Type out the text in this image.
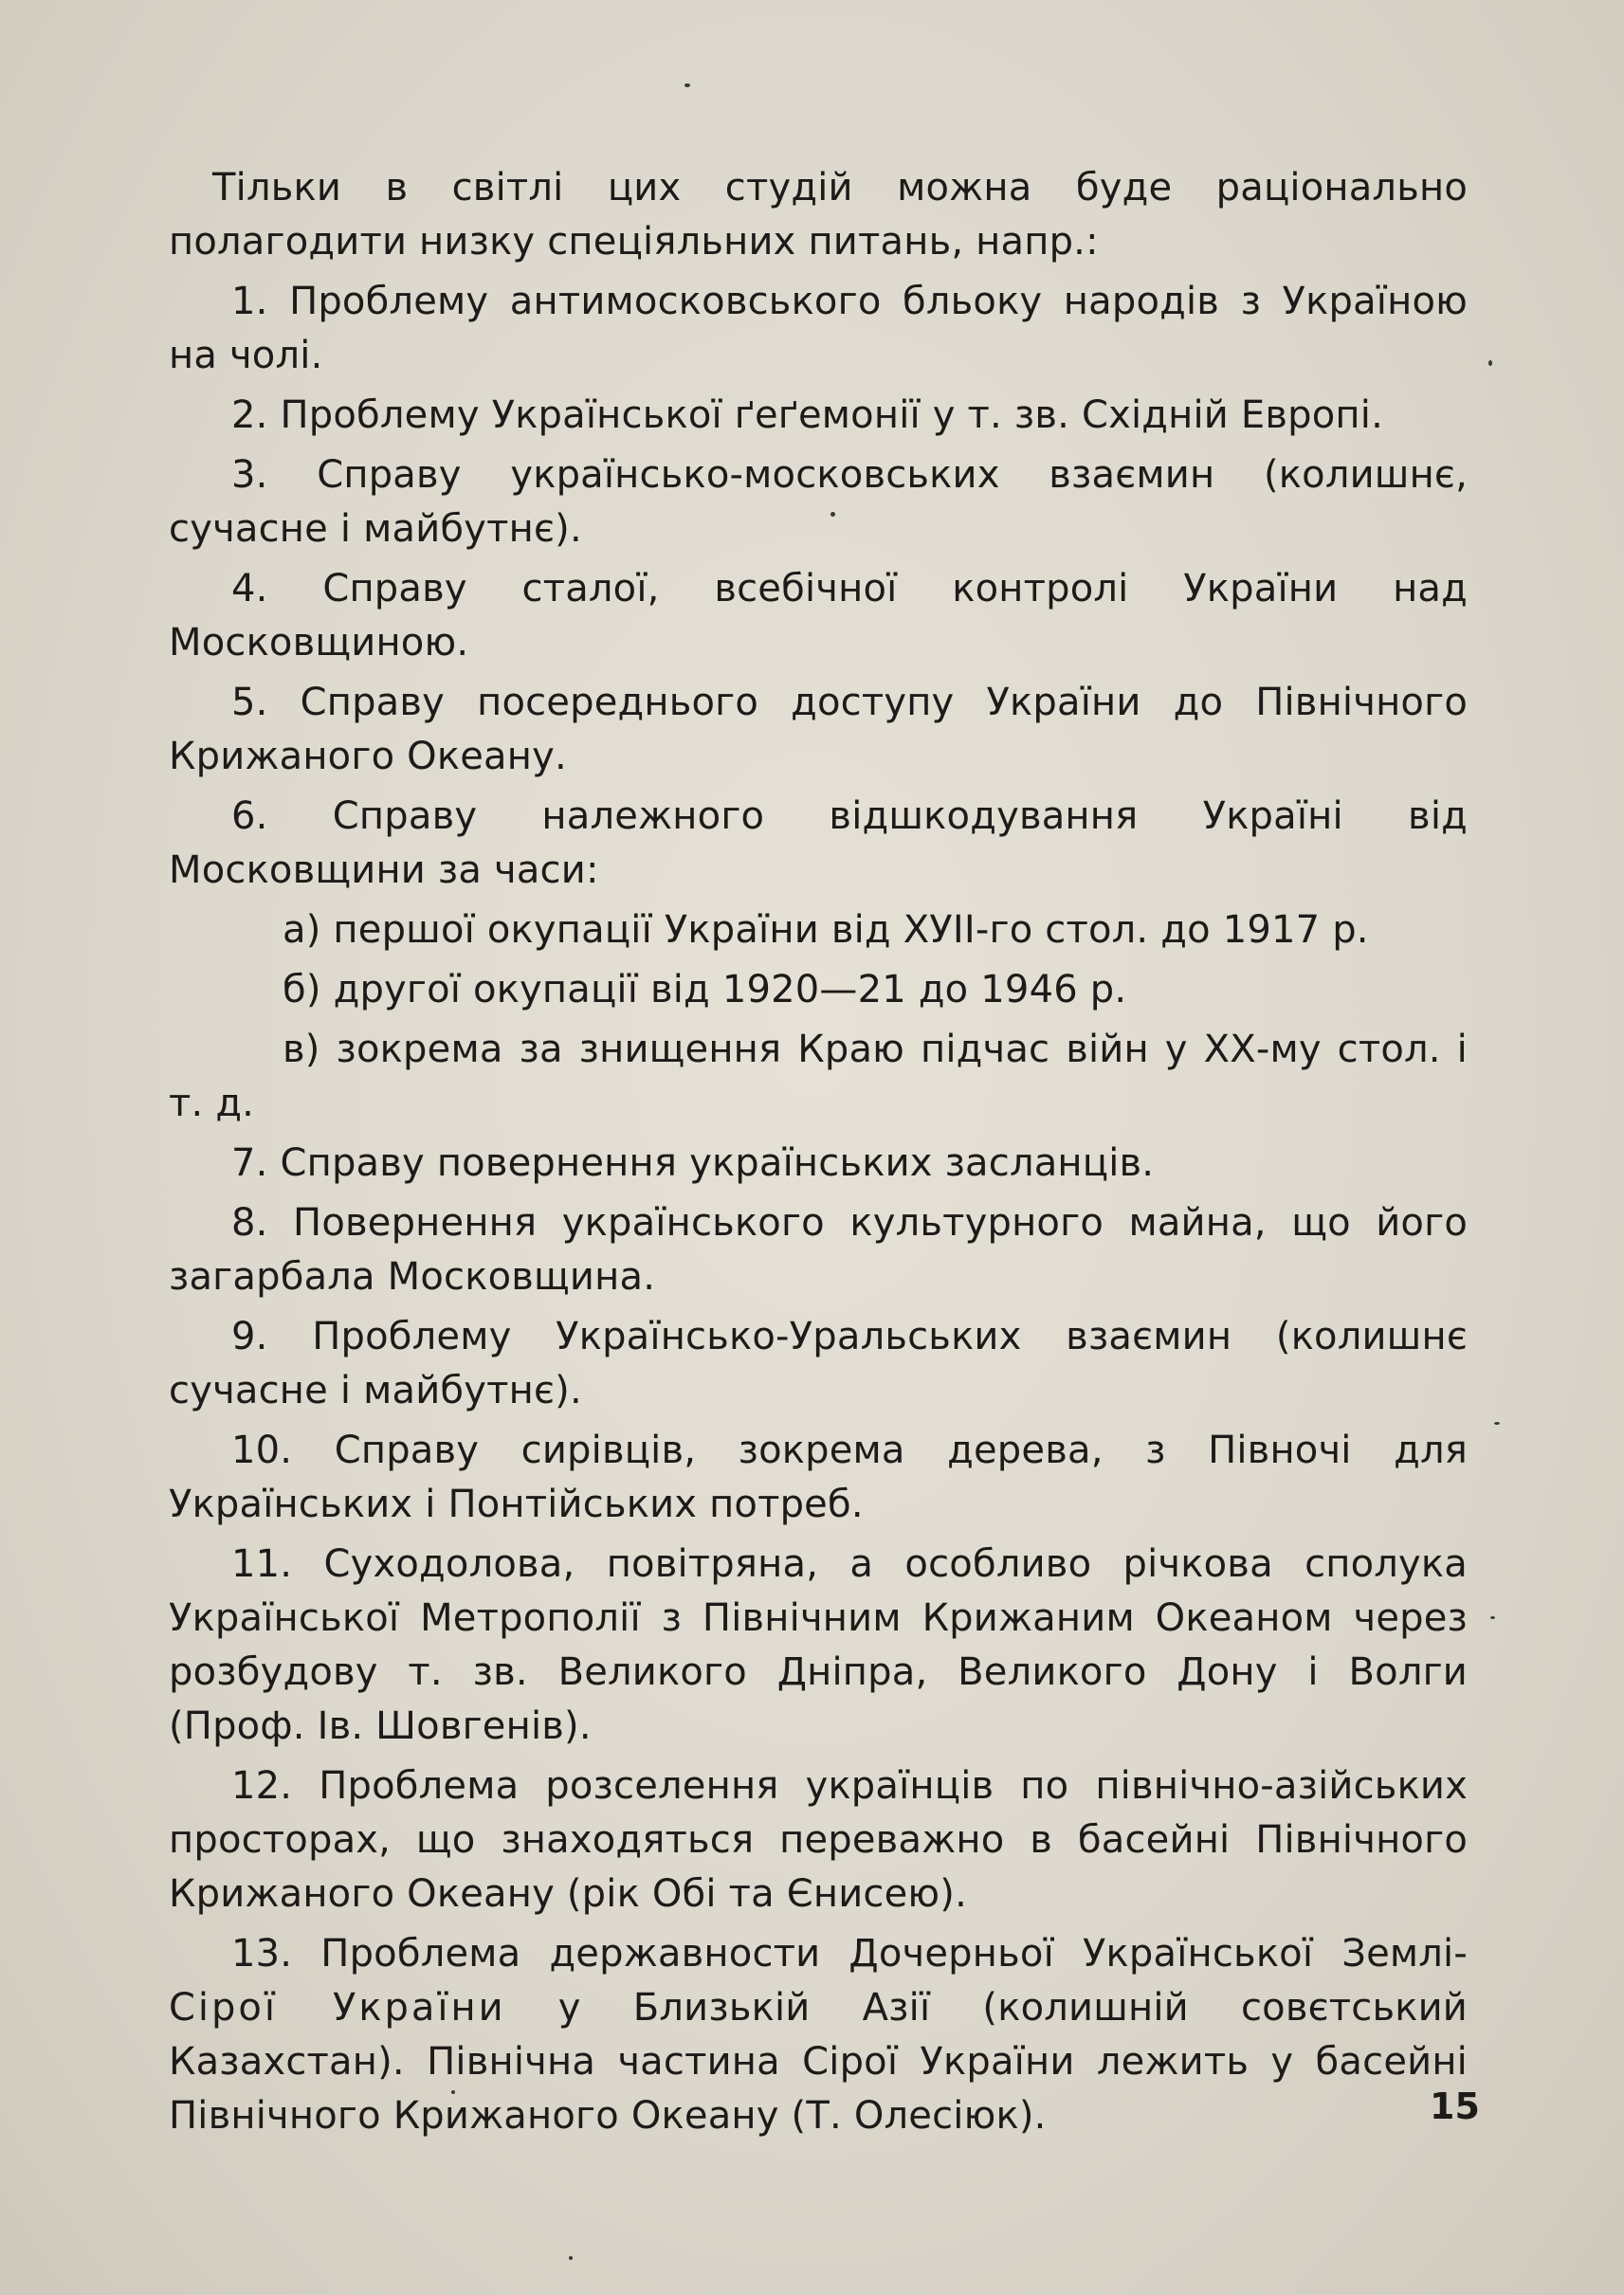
Тільки в світлі цих студій можна буде раціонально полагодити низку спеціяльних питань, напр.:

1. Проблему антимосковського бльоку народів з Україною на чолі.

2. Проблему Української ґеґемонії у т. зв. Східній Европі.

3. Справу українсько-московських взаємин (колишнє, сучасне і майбутнє).

4. Справу сталої, всебічної контролі України над Московщиною.

5. Справу посереднього доступу України до Північного Крижаного Океану.

6. Справу належного відшкодування Україні від Московщини за часи:

а) першої окупації України від ХУІІ-го стол. до 1917 р.

б) другої окупації від 1920—21 до 1946 р.

в) зокрема за знищення Краю підчас війн у ХХ-му стол. і т. д.

7. Справу повернення українських засланців.

8. Повернення українського культурного майна, що його загарбала Московщина.

9. Проблему Українсько-Уральських взаємин (колишнє сучасне і майбутнє).

10. Справу сирівців, зокрема дерева, з Півночі для Українських і Понтійських потреб.

11. Суходолова, повітряна, а особливо річкова сполука Української Метрополії з Північним Крижаним Океаном через розбудову т. зв. Великого Дніпра, Великого Дону і Волги (Проф. Ів. Шовгенів).

12. Проблема розселення українців по північно-азійських просторах, що знаходяться переважно в басейні Північного Крижаного Океану (рік Обі та Єнисею).

13. Проблема державности Дочерньої Української Землі-Сірої України у Близькій Азії (колишній совєтський Казахстан). Північна частина Сірої України лежить у басейні Північного Крижаного Океану (Т. Олесіюк).	15
